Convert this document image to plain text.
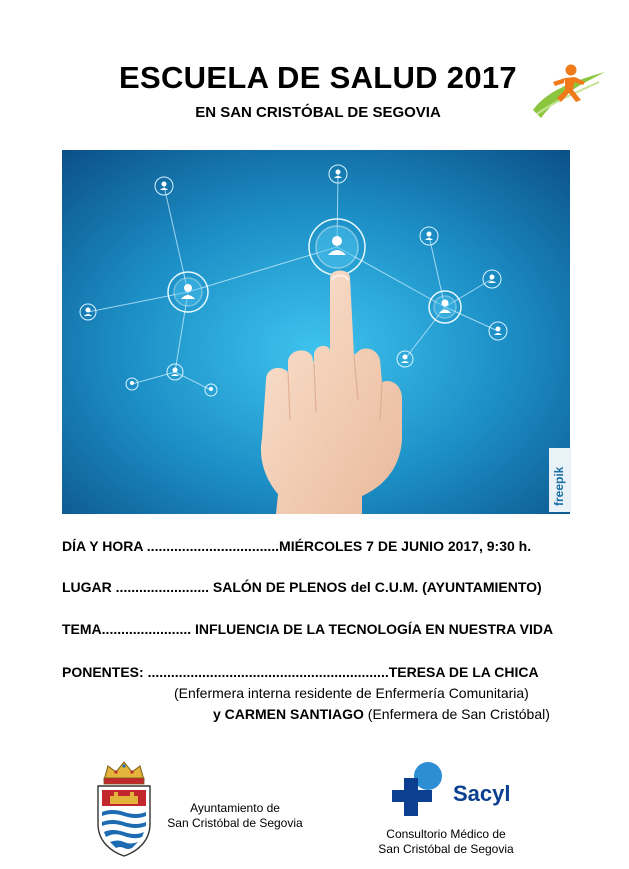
ESCUELA DE SALUD 2017
EN SAN CRISTÓBAL DE SEGOVIA
freepik
DÍA Y HORA ..................................MIÉRCOLES 7 DE JUNIO 2017, 9:30 h.
LUGAR ........................ SALÓN DE PLENOS del C.U.M. (AYUNTAMIENTO)
TEMA....................... INFLUENCIA DE LA TECNOLOGÍA EN NUESTRA VIDA
PONENTES: ..............................................................TERESA DE LA CHICA
(Enfermera interna residente de Enfermería Comunitaria)
y CARMEN SANTIAGO (Enfermera de San Cristóbal)
Ayuntamiento de
San Cristóbal de Segovia
Sacyl
Consultorio Médico de
San Cristóbal de Segovia
